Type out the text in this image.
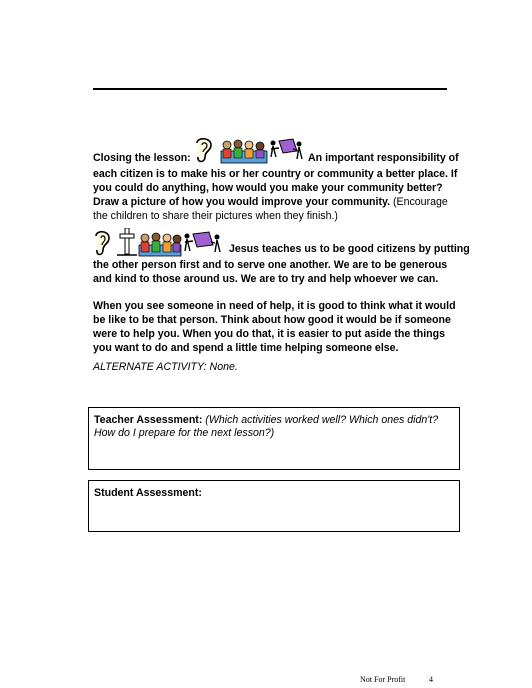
Closing the lesson:	An important responsibility of
each citizen is to make his or her country or community a better place. If you could do anything, how would you make your community better? Draw a picture of how you would improve your community. (Encourage the children to share their pictures when they finish.)
Jesus teaches us to be good citizens by putting
the other person first and to serve one another. We are to be generous and kind to those around us. We are to try and help whoever we can.
When you see someone in need of help, it is good to think what it would be like to be that person. Think about how good it would be if someone were to help you. When you do that, it is easier to put aside the things you want to do and spend a little time helping someone else.
ALTERNATE ACTIVITY: None.
Teacher Assessment: (Which activities worked well? Which ones didn't? How do I prepare for the next lesson?)
Student Assessment:
Not For Profit	4
